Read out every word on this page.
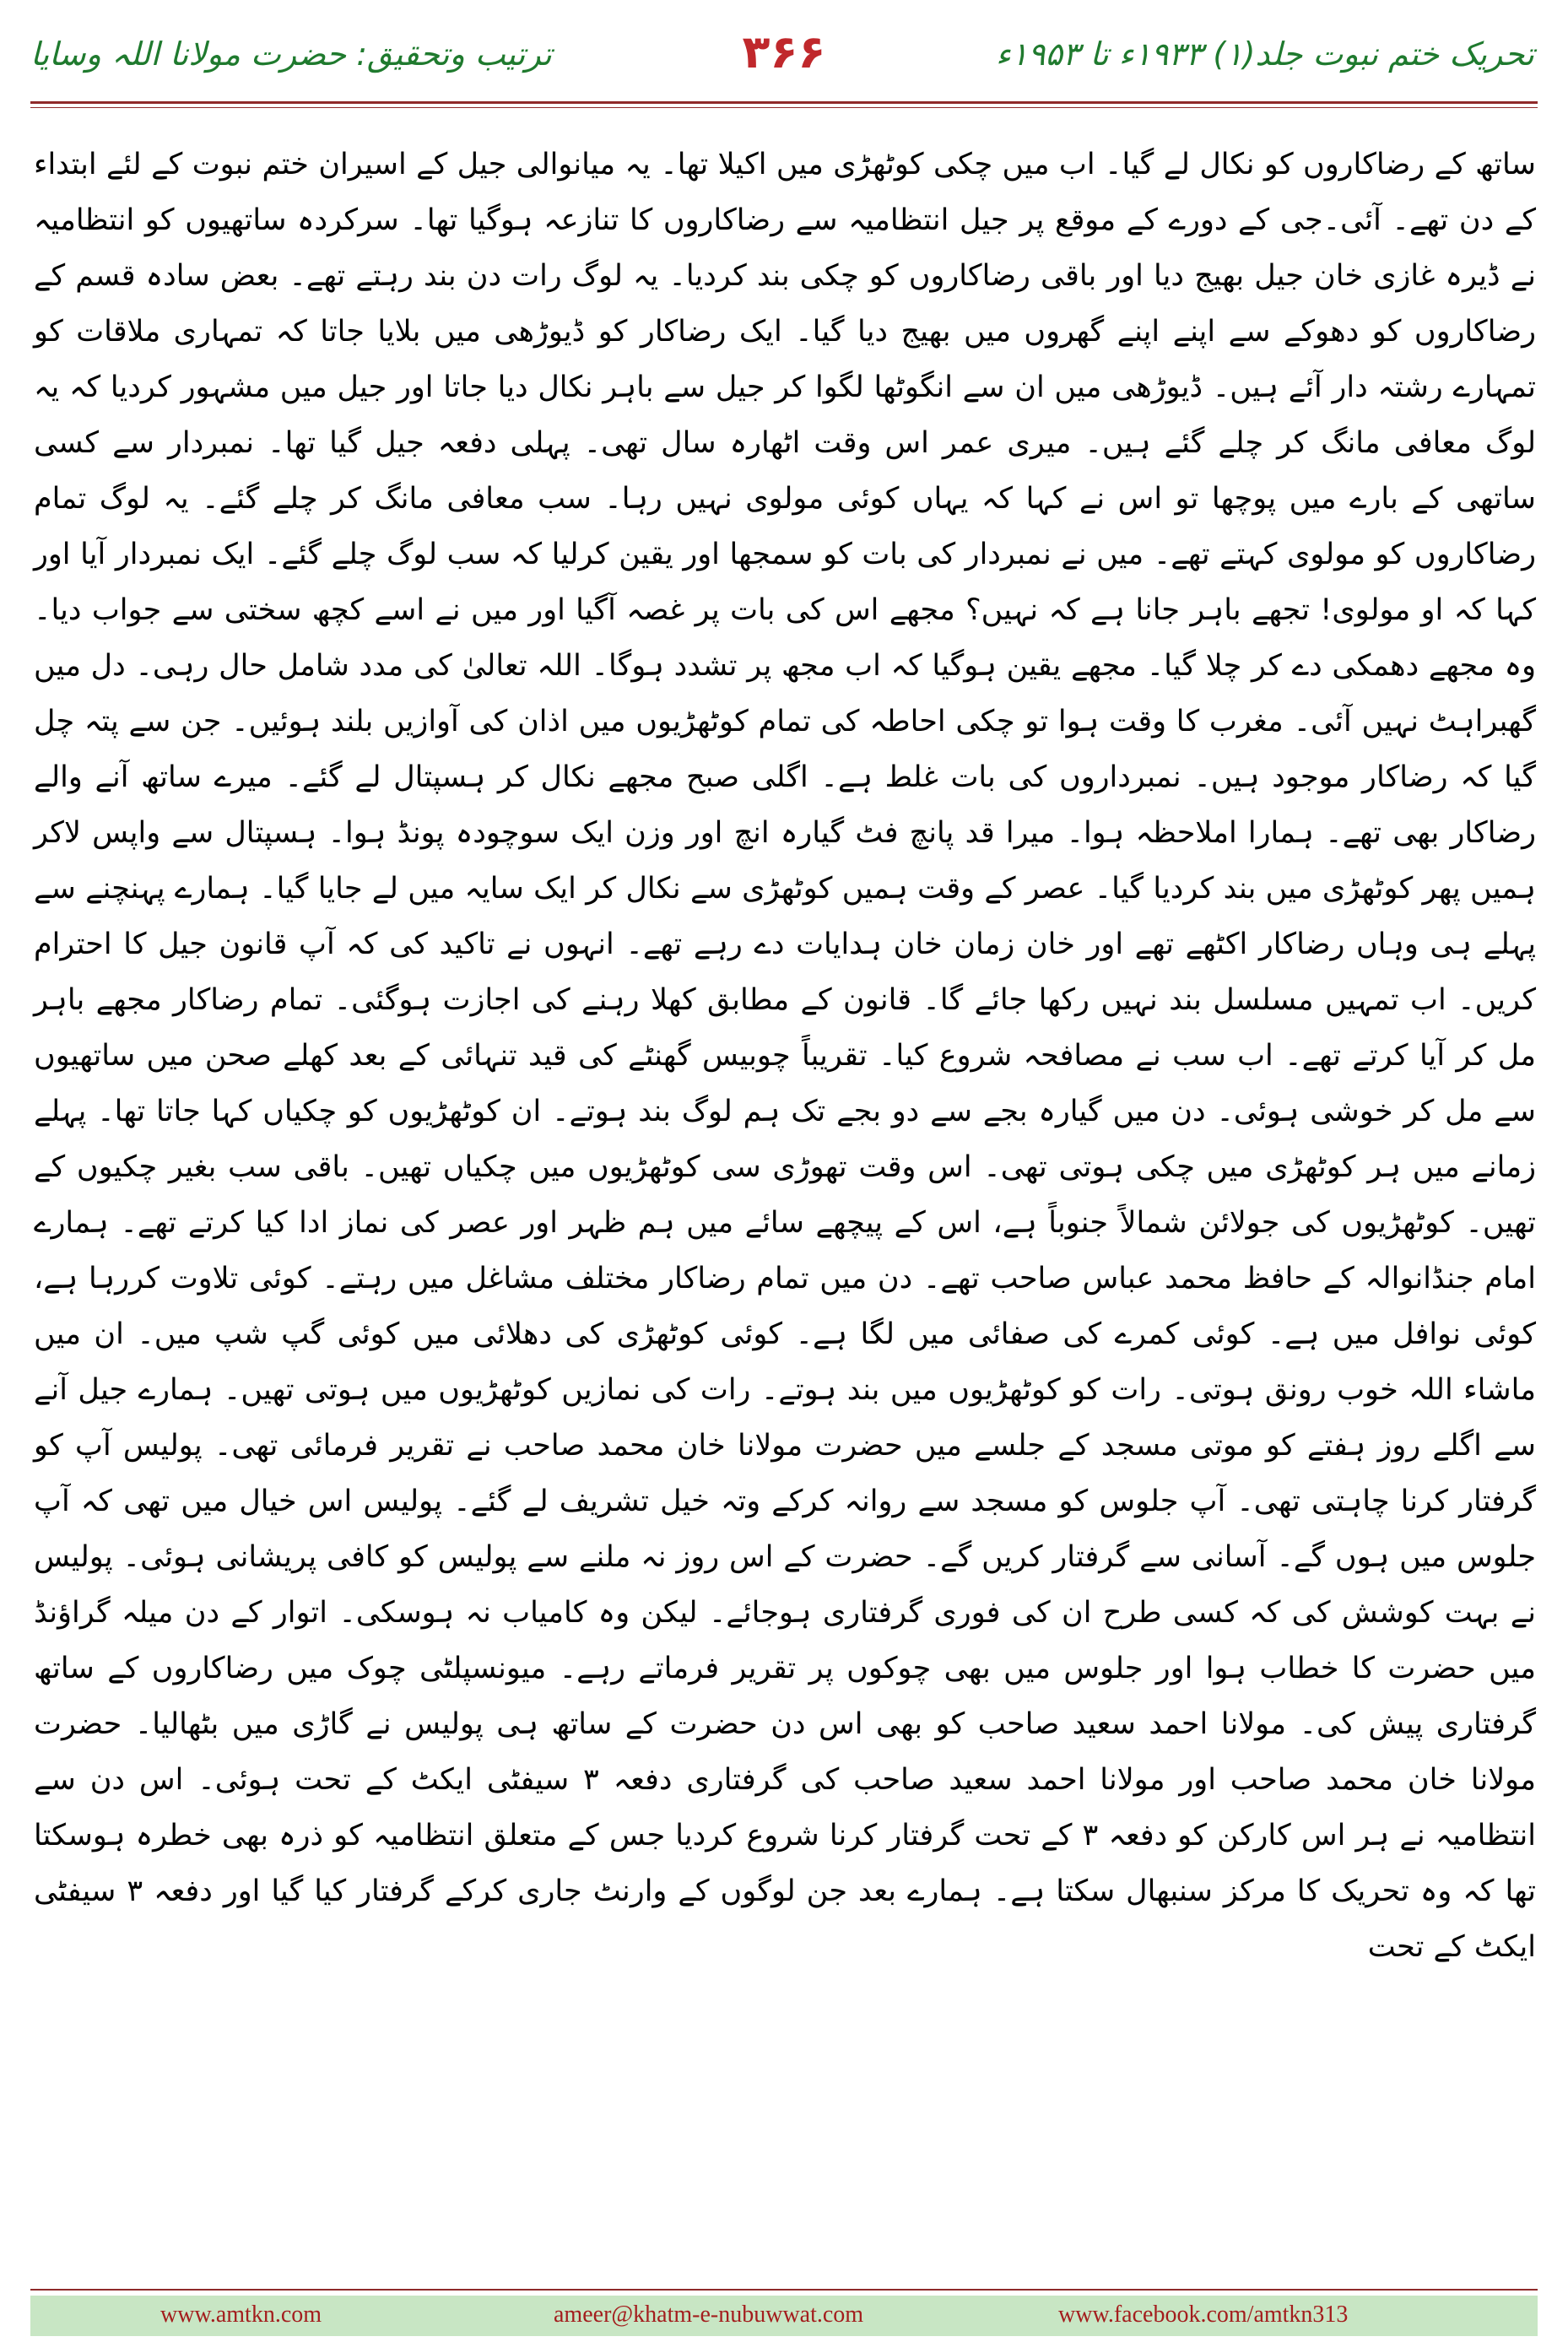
ترتیب وتحقیق: حضرت مولانا اللہ وسایا	۳۶۶	تحریک ختم نبوت جلد(۱) ۱۹۳۳ء تا ۱۹۵۳ء

ساتھ کے رضاکاروں کو نکال لے گیا۔ اب میں چکی کوٹھڑی میں اکیلا تھا۔ یہ میانوالی جیل کے اسیران ختم نبوت کے لئے ابتداء کے دن تھے۔ آئی۔جی کے دورے کے موقع پر جیل انتظامیہ سے رضاکاروں کا تنازعہ ہوگیا تھا۔ سرکردہ ساتھیوں کو انتظامیہ نے ڈیرہ غازی خان جیل بھیج دیا اور باقی رضاکاروں کو چکی بند کردیا۔ یہ لوگ رات دن بند رہتے تھے۔ بعض سادہ قسم کے رضاکاروں کو دھوکے سے اپنے اپنے گھروں میں بھیج دیا گیا۔ ایک رضاکار کو ڈیوڑھی میں بلایا جاتا کہ تمہاری ملاقات کو تمہارے رشتہ دار آئے ہیں۔ ڈیوڑھی میں ان سے انگوٹھا لگوا کر جیل سے باہر نکال دیا جاتا اور جیل میں مشہور کردیا کہ یہ لوگ معافی مانگ کر چلے گئے ہیں۔ میری عمر اس وقت اٹھارہ سال تھی۔ پہلی دفعہ جیل گیا تھا۔ نمبردار سے کسی ساتھی کے بارے میں پوچھا تو اس نے کہا کہ یہاں کوئی مولوی نہیں رہا۔ سب معافی مانگ کر چلے گئے۔ یہ لوگ تمام رضاکاروں کو مولوی کہتے تھے۔ میں نے نمبردار کی بات کو سمجھا اور یقین کرلیا کہ سب لوگ چلے گئے۔ ایک نمبردار آیا اور کہا کہ او مولوی! تجھے باہر جانا ہے کہ نہیں؟ مجھے اس کی بات پر غصہ آگیا اور میں نے اسے کچھ سختی سے جواب دیا۔ وہ مجھے دھمکی دے کر چلا گیا۔ مجھے یقین ہوگیا کہ اب مجھ پر تشدد ہوگا۔ اللہ تعالیٰ کی مدد شامل حال رہی۔ دل میں گھبراہٹ نہیں آئی۔ مغرب کا وقت ہوا تو چکی احاطہ کی تمام کوٹھڑیوں میں اذان کی آوازیں بلند ہوئیں۔ جن سے پتہ چل گیا کہ رضاکار موجود ہیں۔ نمبرداروں کی بات غلط ہے۔ اگلی صبح مجھے نکال کر ہسپتال لے گئے۔ میرے ساتھ آنے والے رضاکار بھی تھے۔ ہمارا املاحظہ ہوا۔ میرا قد پانچ فٹ گیارہ انچ اور وزن ایک سوچودہ پونڈ ہوا۔ ہسپتال سے واپس لاکر ہمیں پھر کوٹھڑی میں بند کردیا گیا۔ عصر کے وقت ہمیں کوٹھڑی سے نکال کر ایک سایہ میں لے جایا گیا۔ ہمارے پہنچنے سے پہلے ہی وہاں رضاکار اکٹھے تھے اور خان زمان خان ہدایات دے رہے تھے۔ انہوں نے تاکید کی کہ آپ قانون جیل کا احترام کریں۔ اب تمہیں مسلسل بند نہیں رکھا جائے گا۔ قانون کے مطابق کھلا رہنے کی اجازت ہوگئی۔ تمام رضاکار مجھے باہر مل کر آیا کرتے تھے۔ اب سب نے مصافحہ شروع کیا۔ تقریباً چوبیس گھنٹے کی قید تنہائی کے بعد کھلے صحن میں ساتھیوں سے مل کر خوشی ہوئی۔ دن میں گیارہ بجے سے دو بجے تک ہم لوگ بند ہوتے۔ ان کوٹھڑیوں کو چکیاں کہا جاتا تھا۔ پہلے زمانے میں ہر کوٹھڑی میں چکی ہوتی تھی۔ اس وقت تھوڑی سی کوٹھڑیوں میں چکیاں تھیں۔ باقی سب بغیر چکیوں کے تھیں۔ کوٹھڑیوں کی جولائن شمالاً جنوباً ہے، اس کے پیچھے سائے میں ہم ظہر اور عصر کی نماز ادا کیا کرتے تھے۔ ہمارے امام جنڈانوالہ کے حافظ محمد عباس صاحب تھے۔ دن میں تمام رضاکار مختلف مشاغل میں رہتے۔ کوئی تلاوت کررہا ہے، کوئی نوافل میں ہے۔ کوئی کمرے کی صفائی میں لگا ہے۔ کوئی کوٹھڑی کی دھلائی میں کوئی گپ شپ میں۔ ان میں ماشاء اللہ خوب رونق ہوتی۔ رات کو کوٹھڑیوں میں بند ہوتے۔ رات کی نمازیں کوٹھڑیوں میں ہوتی تھیں۔ ہمارے جیل آنے سے اگلے روز ہفتے کو موتی مسجد کے جلسے میں حضرت مولانا خان محمد صاحب نے تقریر فرمائی تھی۔ پولیس آپ کو گرفتار کرنا چاہتی تھی۔ آپ جلوس کو مسجد سے روانہ کرکے وتہ خیل تشریف لے گئے۔ پولیس اس خیال میں تھی کہ آپ جلوس میں ہوں گے۔ آسانی سے گرفتار کریں گے۔ حضرت کے اس روز نہ ملنے سے پولیس کو کافی پریشانی ہوئی۔ پولیس نے بہت کوشش کی کہ کسی طرح ان کی فوری گرفتاری ہوجائے۔ لیکن وہ کامیاب نہ ہوسکی۔ اتوار کے دن میلہ گراؤنڈ میں حضرت کا خطاب ہوا اور جلوس میں بھی چوکوں پر تقریر فرماتے رہے۔ میونسپلٹی چوک میں رضاکاروں کے ساتھ گرفتاری پیش کی۔ مولانا احمد سعید صاحب کو بھی اس دن حضرت کے ساتھ ہی پولیس نے گاڑی میں بٹھالیا۔ حضرت مولانا خان محمد صاحب اور مولانا احمد سعید صاحب کی گرفتاری دفعہ ۳ سیفٹی ایکٹ کے تحت ہوئی۔ اس دن سے انتظامیہ نے ہر اس کارکن کو دفعہ ۳ کے تحت گرفتار کرنا شروع کردیا جس کے متعلق انتظامیہ کو ذرہ بھی خطرہ ہوسکتا تھا کہ وہ تحریک کا مرکز سنبھال سکتا ہے۔ ہمارے بعد جن لوگوں کے وارنٹ جاری کرکے گرفتار کیا گیا اور دفعہ ۳ سیفٹی ایکٹ کے تحت

www.amtkn.com	ameer@khatm-e-nubuwwat.com	www.facebook.com/amtkn313
